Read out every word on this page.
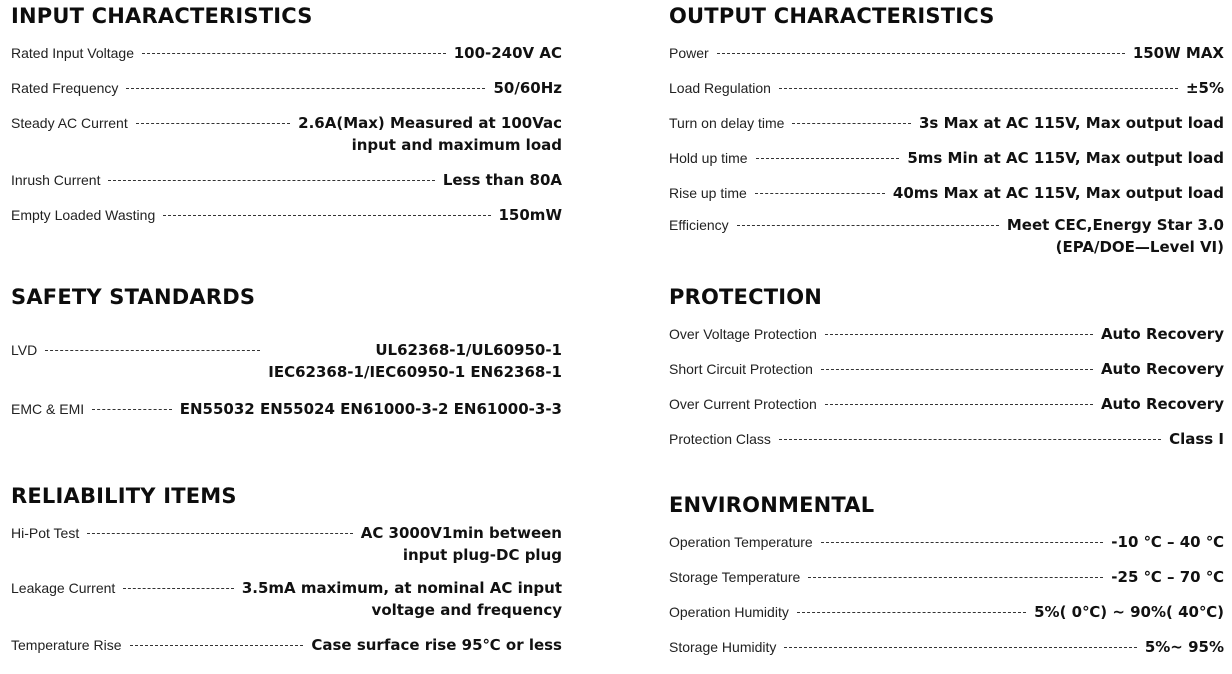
INPUT CHARACTERISTICS
Rated Input Voltage	100-240V AC
Rated Frequency	50/60Hz
Steady AC Current	2.6A(Max) Measured at 100Vac
input and maximum load
Inrush Current	Less than 80A
Empty Loaded Wasting	150mW
SAFETY STANDARDS
LVD	UL62368-1/UL60950-1
IEC62368-1/IEC60950-1 EN62368-1
EMC & EMI	EN55032 EN55024 EN61000-3-2 EN61000-3-3
RELIABILITY ITEMS
Hi-Pot Test	AC 3000V1min between
input plug-DC plug
Leakage Current	3.5mA maximum, at nominal AC input
voltage and frequency
Temperature Rise	Case surface rise 95℃ or less
OUTPUT CHARACTERISTICS
Power	150W MAX
Load Regulation	±5%
Turn on delay time	3s Max at AC 115V, Max output load
Hold up time	5ms Min at AC 115V, Max output load
Rise up time	40ms Max at AC 115V, Max output load
Efficiency	Meet CEC,Energy Star 3.0
(EPA/DOE—Level VI)
PROTECTION
Over Voltage Protection	Auto Recovery
Short Circuit Protection	Auto Recovery
Over Current Protection	Auto Recovery
Protection Class	Class I
ENVIRONMENTAL
Operation Temperature	-10 ℃ – 40 ℃
Storage Temperature	-25 ℃ – 70 ℃
Operation Humidity	5%( 0℃) ~ 90%( 40℃)
Storage Humidity	5%~ 95%
